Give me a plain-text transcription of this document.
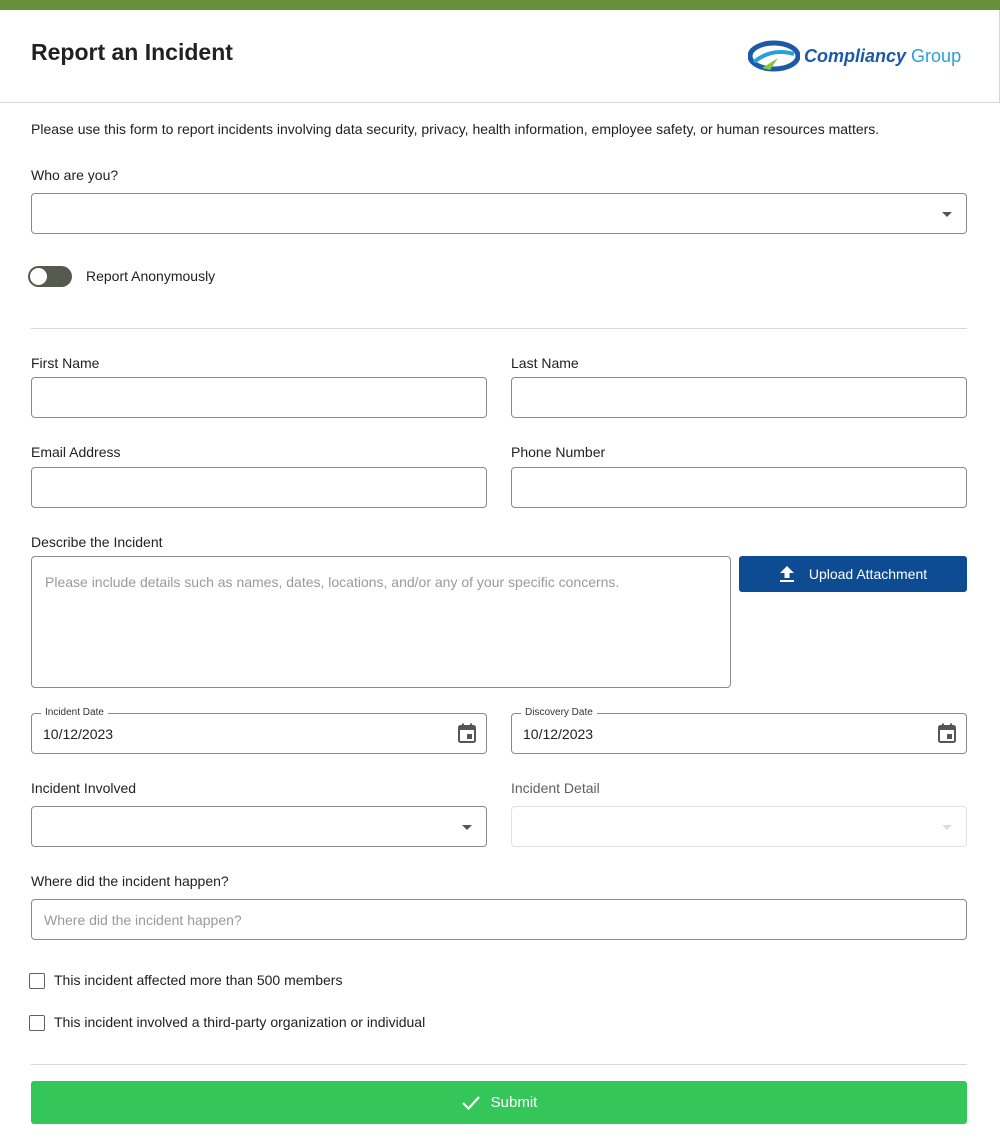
Report an Incident	Compliancy Group
Please use this form to report incidents involving data security, privacy, health information, employee safety, or human resources matters.
Who are you?
Report Anonymously
First Name	Last Name
Email Address	Phone Number
Describe the Incident
Please include details such as names, dates, locations, and/or any of your specific concerns.	Upload Attachment
Incident Date
10/12/2023
Discovery Date
10/12/2023
Incident Involved	Incident Detail
Where did the incident happen?
Where did the incident happen?
This incident affected more than 500 members
This incident involved a third-party organization or individual
Submit
